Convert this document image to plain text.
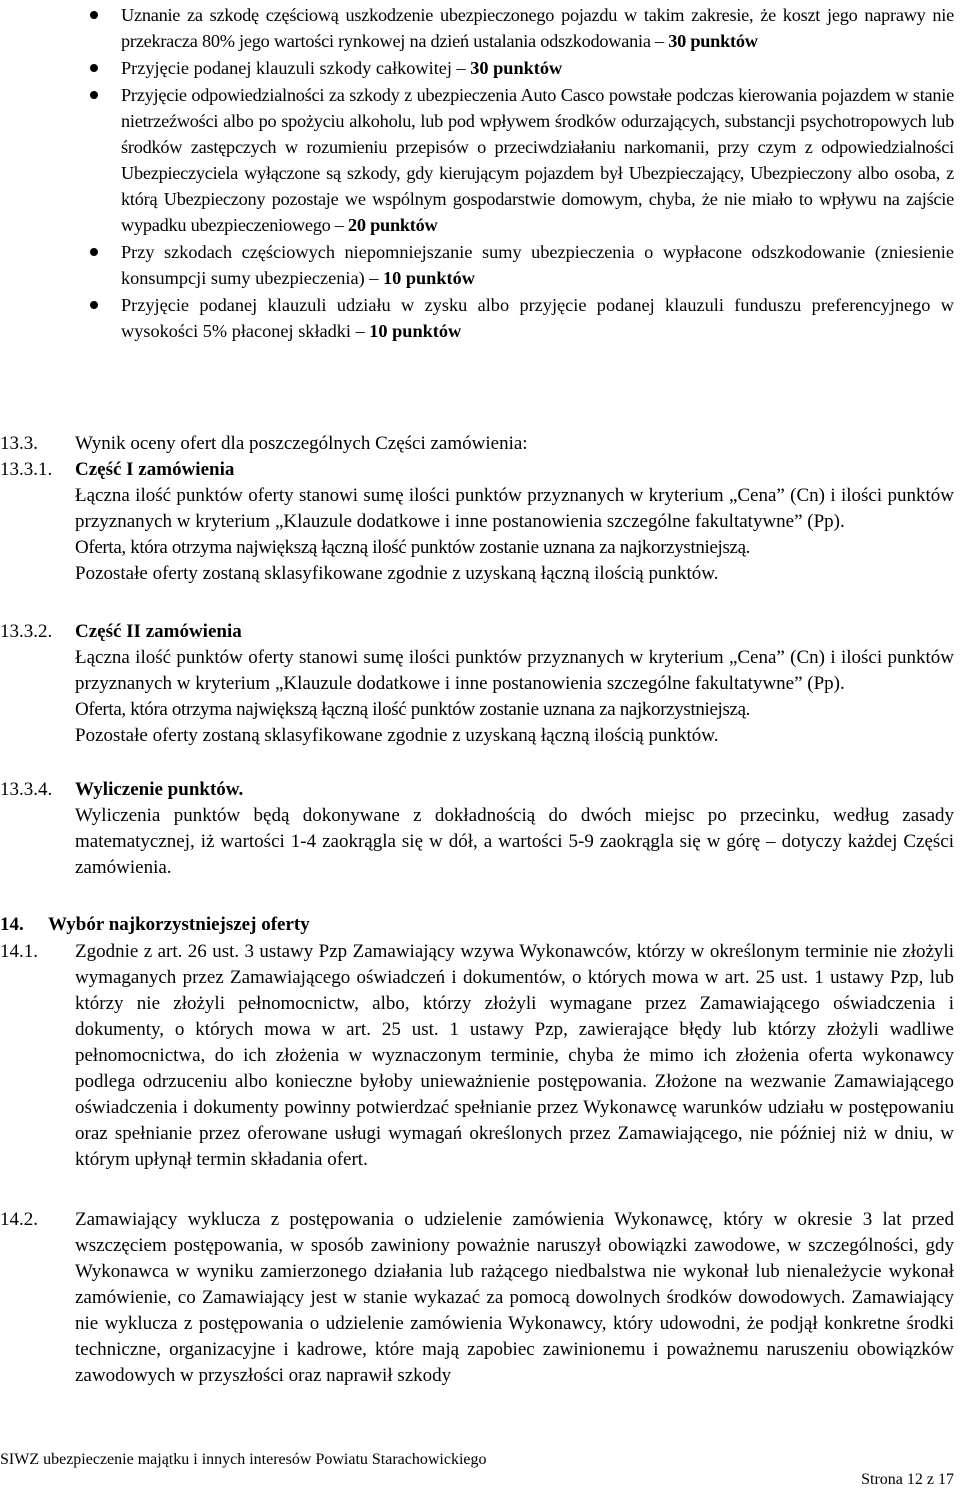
Uznanie za szkodę częściową uszkodzenie ubezpieczonego pojazdu w takim zakresie, że koszt jego naprawy nie przekracza 80% jego wartości rynkowej na dzień ustalania odszkodowania – 30 punktów
Przyjęcie podanej klauzuli szkody całkowitej – 30 punktów
Przyjęcie odpowiedzialności za szkody z ubezpieczenia Auto Casco powstałe podczas kierowania pojazdem w stanie nietrzeźwości albo po spożyciu alkoholu, lub pod wpływem środków odurzających, substancji psychotropowych lub środków zastępczych w rozumieniu przepisów o przeciwdziałaniu narkomanii, przy czym z odpowiedzialności Ubezpieczyciela wyłączone są szkody, gdy kierującym pojazdem był Ubezpieczający, Ubezpieczony albo osoba, z którą Ubezpieczony pozostaje we wspólnym gospodarstwie domowym, chyba, że nie miało to wpływu na zajście wypadku ubezpieczeniowego – 20 punktów
Przy szkodach częściowych niepomniejszanie sumy ubezpieczenia o wypłacone odszkodowanie (zniesienie konsumpcji sumy ubezpieczenia) – 10 punktów
Przyjęcie podanej klauzuli udziału w zysku albo przyjęcie podanej klauzuli funduszu preferencyjnego w wysokości 5% płaconej składki – 10 punktów
13.3. Wynik oceny ofert dla poszczególnych Części zamówienia:
13.3.1. Część I zamówienia

Łączna ilość punktów oferty stanowi sumę ilości punktów przyznanych w kryterium „Cena” (Cn) i ilości punktów przyznanych w kryterium „Klauzule dodatkowe i inne postanowienia szczególne fakultatywne” (Pp).

Oferta, która otrzyma największą łączną ilość punktów zostanie uznana za najkorzystniejszą.

Pozostałe oferty zostaną sklasyfikowane zgodnie z uzyskaną łączną ilością punktów.

13.3.2. Część II zamówienia

Łączna ilość punktów oferty stanowi sumę ilości punktów przyznanych w kryterium „Cena” (Cn) i ilości punktów przyznanych w kryterium „Klauzule dodatkowe i inne postanowienia szczególne fakultatywne” (Pp).

Oferta, która otrzyma największą łączną ilość punktów zostanie uznana za najkorzystniejszą.

Pozostałe oferty zostaną sklasyfikowane zgodnie z uzyskaną łączną ilością punktów.

13.3.4. Wyliczenie punktów.

Wyliczenia punktów będą dokonywane z dokładnością do dwóch miejsc po przecinku, według zasady matematycznej, iż wartości 1-4 zaokrągla się w dół, a wartości 5-9 zaokrągla się w górę – dotyczy każdej Części zamówienia.

14. Wybór najkorzystniejszej oferty
14.1. Zgodnie z art. 26 ust. 3 ustawy Pzp Zamawiający wzywa Wykonawców, którzy w określonym terminie nie złożyli wymaganych przez Zamawiającego oświadczeń i dokumentów, o których mowa w art. 25 ust. 1 ustawy Pzp, lub którzy nie złożyli pełnomocnictw, albo, którzy złożyli wymagane przez Zamawiającego oświadczenia i dokumenty, o których mowa w art. 25 ust. 1 ustawy Pzp, zawierające błędy lub którzy złożyli wadliwe pełnomocnictwa, do ich złożenia w wyznaczonym terminie, chyba że mimo ich złożenia oferta wykonawcy podlega odrzuceniu albo konieczne byłoby unieważnienie postępowania. Złożone na wezwanie Zamawiającego oświadczenia i dokumenty powinny potwierdzać spełnianie przez Wykonawcę warunków udziału w postępowaniu oraz spełnianie przez oferowane usługi wymagań określonych przez Zamawiającego, nie później niż w dniu, w którym upłynął termin składania ofert.

14.2. Zamawiający wyklucza z postępowania o udzielenie zamówienia Wykonawcę, który w okresie 3 lat przed wszczęciem postępowania, w sposób zawiniony poważnie naruszył obowiązki zawodowe, w szczególności, gdy Wykonawca w wyniku zamierzonego działania lub rażącego niedbalstwa nie wykonał lub nienależycie wykonał zamówienie, co Zamawiający jest w stanie wykazać za pomocą dowolnych środków dowodowych. Zamawiający nie wyklucza z postępowania o udzielenie zamówienia Wykonawcy, który udowodni, że podjął konkretne środki techniczne, organizacyjne i kadrowe, które mają zapobiec zawinionemu i poważnemu naruszeniu obowiązków zawodowych w przyszłości oraz naprawił szkody

SIWZ ubezpieczenie majątku i innych interesów Powiatu Starachowickiego
Strona 12 z 17
